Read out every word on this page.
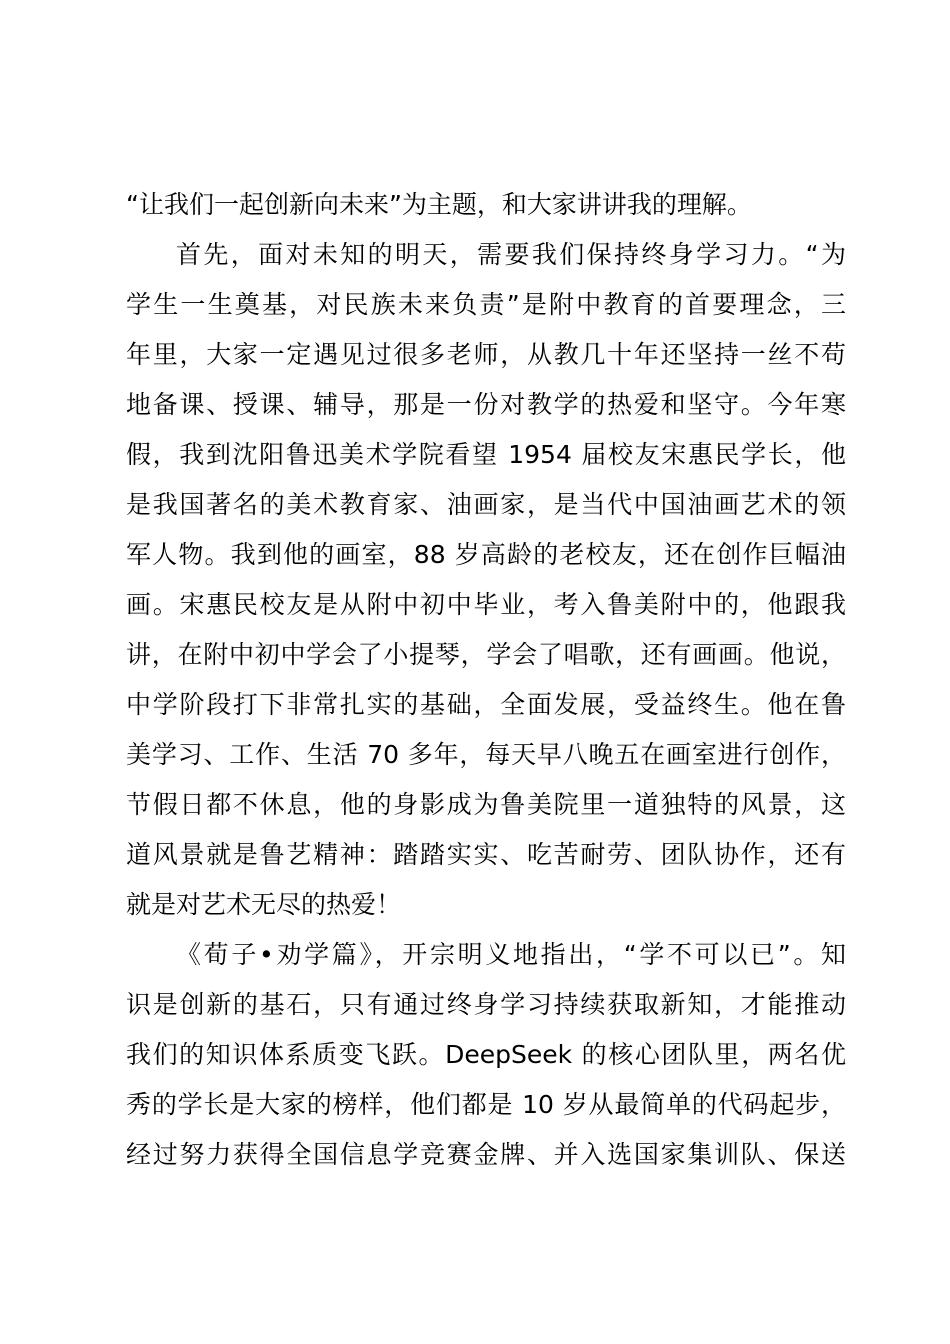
“让我们一起创新向未来”为主题，和大家讲讲我的理解。
首先，面对未知的明天，需要我们保持终身学习力。“为
学生一生奠基，对民族未来负责”是附中教育的首要理念，三
年里，大家一定遇见过很多老师，从教几十年还坚持一丝不苟
地备课、授课、辅导，那是一份对教学的热爱和坚守。今年寒
假，我到沈阳鲁迅美术学院看望 1954 届校友宋惠民学长，他
是我国著名的美术教育家、油画家，是当代中国油画艺术的领
军人物。我到他的画室，88 岁高龄的老校友，还在创作巨幅油
画。宋惠民校友是从附中初中毕业，考入鲁美附中的，他跟我
讲，在附中初中学会了小提琴，学会了唱歌，还有画画。他说，
中学阶段打下非常扎实的基础，全面发展，受益终生。他在鲁
美学习、工作、生活 70 多年，每天早八晚五在画室进行创作，
节假日都不休息，他的身影成为鲁美院里一道独特的风景，这
道风景就是鲁艺精神：踏踏实实、吃苦耐劳、团队协作，还有
就是对艺术无尽的热爱！
《荀子•劝学篇》，开宗明义地指出，“学不可以已”。知
识是创新的基石，只有通过终身学习持续获取新知，才能推动
我们的知识体系质变飞跃。DeepSeek 的核心团队里，两名优
秀的学长是大家的榜样，他们都是 10 岁从最简单的代码起步，
经过努力获得全国信息学竞赛金牌、并入选国家集训队、保送
